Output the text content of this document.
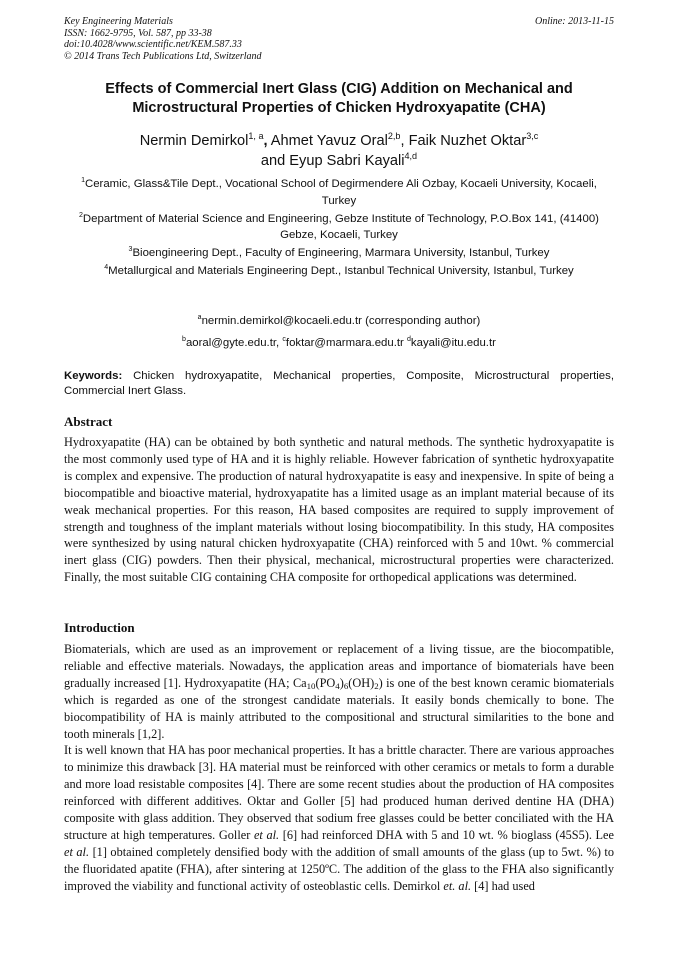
Key Engineering Materials
ISSN: 1662-9795, Vol. 587, pp 33-38
doi:10.4028/www.scientific.net/KEM.587.33
© 2014 Trans Tech Publications Ltd, Switzerland
Online: 2013-11-15
Effects of Commercial Inert Glass (CIG) Addition on Mechanical and
Microstructural Properties of Chicken Hydroxyapatite (CHA)
Nermin Demirkol$^{1, a}$, Ahmet Yavuz Oral$^{2,b}$, Faik Nuzhet Oktar$^{3,c}$
and Eyup Sabri Kayali$^{4,d}$
$^1$Ceramic, Glass&Tile Dept., Vocational School of Degirmendere Ali Ozbay, Kocaeli University, Kocaeli, Turkey
$^2$Department of Material Science and Engineering, Gebze Institute of Technology, P.O.Box 141, (41400) Gebze, Kocaeli, Turkey
$^3$Bioengineering Dept., Faculty of Engineering, Marmara University, Istanbul, Turkey
$^4$Metallurgical and Materials Engineering Dept., Istanbul Technical University, Istanbul, Turkey
$^a$nermin.demirkol@kocaeli.edu.tr (corresponding author)
$^b$aoral@gyte.edu.tr, $^c$foktar@marmara.edu.tr $^d$kayali@itu.edu.tr
Keywords: Chicken hydroxyapatite, Mechanical properties, Composite, Microstructural properties, Commercial Inert Glass.
Abstract

Hydroxyapatite (HA) can be obtained by both synthetic and natural methods. The synthetic hydroxyapatite is the most commonly used type of HA and it is highly reliable. However fabrication of synthetic hydroxyapatite is complex and expensive. The production of natural hydroxyapatite is easy and inexpensive. In spite of being a biocompatible and bioactive material, hydroxyapatite has a limited usage as an implant material because of its weak mechanical properties. For this reason, HA based composites are required to supply improvement of strength and toughness of the implant materials without losing biocompatibility. In this study, HA composites were synthesized by using natural chicken hydroxyapatite (CHA) reinforced with 5 and 10wt. % commercial inert glass (CIG) powders. Then their physical, mechanical, microstructural properties were characterized. Finally, the most suitable CIG containing CHA composite for orthopedical applications was determined.

Introduction

Biomaterials, which are used as an improvement or replacement of a living tissue, are the biocompatible, reliable and effective materials. Nowadays, the application areas and importance of biomaterials have been gradually increased [1]. Hydroxyapatite (HA; $Ca_{10}(PO_4)_6(OH)_2$) is one of the best known ceramic biomaterials which is regarded as one of the strongest candidate materials. It easily bonds chemically to bone. The biocompatibility of HA is mainly attributed to the compositional and structural similarities to the bone and tooth minerals [1,2].

It is well known that HA has poor mechanical properties. It has a brittle character. There are various approaches to minimize this drawback [3]. HA material must be reinforced with other ceramics or metals to form a durable and more load resistable composites [4]. There are some recent studies about the production of HA composites reinforced with different additives. Oktar and Goller [5] had produced human derived dentine HA (DHA) composite with glass addition. They observed that sodium free glasses could be better conciliated with the HA structure at high temperatures. Goller et al. [6] had reinforced DHA with 5 and 10 wt. % bioglass (45S5). Lee et al. [1] obtained completely densified body with the addition of small amounts of the glass (up to 5wt. %) to the fluoridated apatite (FHA), after sintering at 1250ºC. The addition of the glass to the FHA also significantly improved the viability and functional activity of osteoblastic cells. Demirkol et. al. [4] had used
